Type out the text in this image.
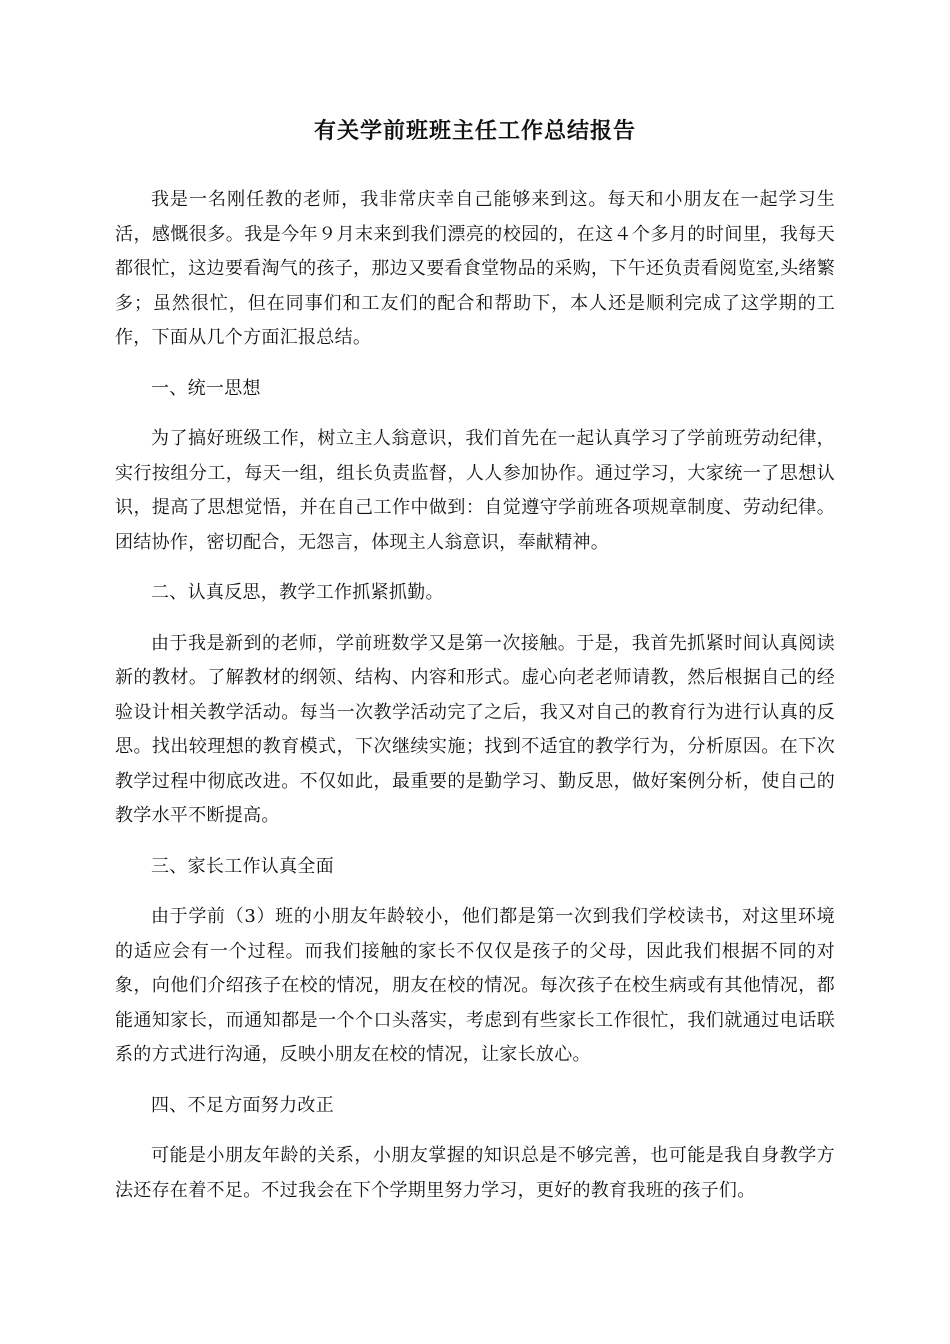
有关学前班班主任工作总结报告

我是一名刚任教的老师，我非常庆幸自己能够来到这。每天和小朋友在一起学习生活，感慨很多。我是今年９月末来到我们漂亮的校园的，在这４个多月的时间里，我每天都很忙，这边要看淘气的孩子，那边又要看食堂物品的采购，下午还负责看阅览室,头绪繁多；虽然很忙，但在同事们和工友们的配合和帮助下，本人还是顺利完成了这学期的工作，下面从几个方面汇报总结。

一、统一思想

为了搞好班级工作，树立主人翁意识，我们首先在一起认真学习了学前班劳动纪律，实行按组分工，每天一组，组长负责监督，人人参加协作。通过学习，大家统一了思想认识，提高了思想觉悟，并在自己工作中做到：自觉遵守学前班各项规章制度、劳动纪律。团结协作，密切配合，无怨言，体现主人翁意识，奉献精神。

二、认真反思，教学工作抓紧抓勤。

由于我是新到的老师，学前班数学又是第一次接触。于是，我首先抓紧时间认真阅读新的教材。了解教材的纲领、结构、内容和形式。虚心向老老师请教，然后根据自己的经验设计相关教学活动。每当一次教学活动完了之后，我又对自己的教育行为进行认真的反思。找出较理想的教育模式，下次继续实施；找到不适宜的教学行为，分析原因。在下次教学过程中彻底改进。不仅如此，最重要的是勤学习、勤反思，做好案例分析，使自己的教学水平不断提高。

三、家长工作认真全面

由于学前（3）班的小朋友年龄较小，他们都是第一次到我们学校读书，对这里环境的适应会有一个过程。而我们接触的家长不仅仅是孩子的父母，因此我们根据不同的对象，向他们介绍孩子在校的情况，朋友在校的情况。每次孩子在校生病或有其他情况，都能通知家长，而通知都是一个个口头落实，考虑到有些家长工作很忙，我们就通过电话联系的方式进行沟通，反映小朋友在校的情况，让家长放心。

四、不足方面努力改正

可能是小朋友年龄的关系，小朋友掌握的知识总是不够完善，也可能是我自身教学方法还存在着不足。不过我会在下个学期里努力学习，更好的教育我班的孩子们。
